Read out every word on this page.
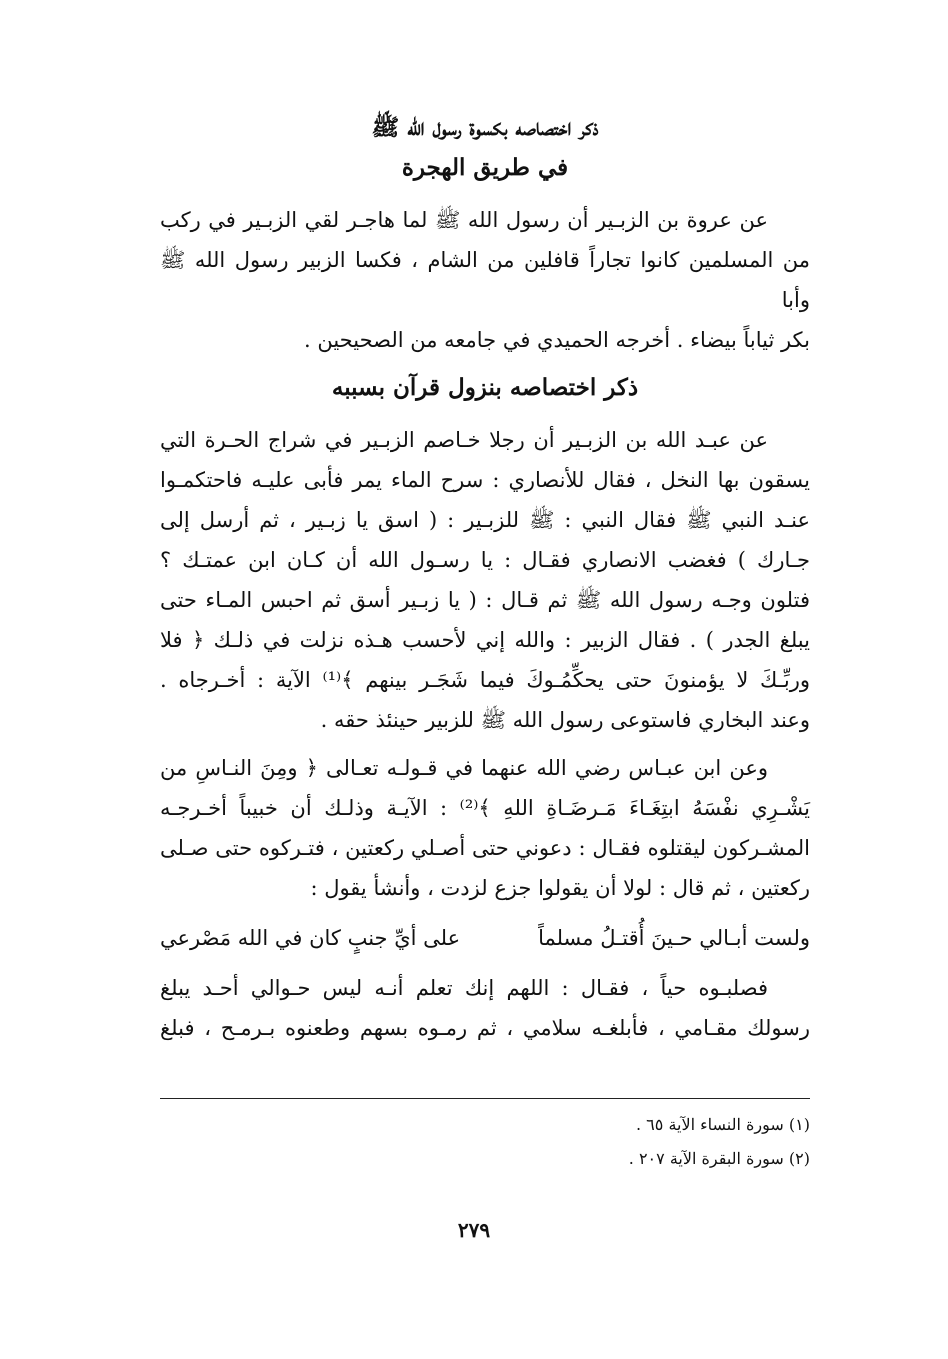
ذكر اختصاصه بكسوة رسول الله ﷺ
في طريق الهجرة

عن عروة بن الزبـير أن رسول الله ﷺ لما هاجـر لقي الزبـير في ركب
من المسلمين كانوا تجاراً قافلين من الشام ، فكسا الزبير رسول الله ﷺ وأبا
بكر ثياباً بيضاء . أخرجه الحميدي في جامعه من الصحيحين .

ذكر اختصاصه بنزول قرآن بسببه

عن عبـد الله بن الزبـير أن رجلا خـاصم الزبـير في شراج الحـرة التي
يسقون بها النخل ، فقال للأنصاري : سرح الماء يمر فأبى عليـه فاحتكمـوا
عنـد النبي ﷺ فقال النبي : ﷺ للزبـير : ( اسق يا زبـير ، ثم أرسل إلى
جـارك ) فغضب الانصاري فقـال : يا رسـول الله أن كـان ابن عمتـك ؟
فتلون وجـه رسول الله ﷺ ثم قـال : ( يا زبـير أسق ثم احبس المـاء حتى
يبلغ الجدر ) . فقال الزبير : والله إني لأحسب هـذه نزلت في ذلـك ﴿ فلا
وربِّـكَ لا يؤمنونَ حتى يحكِّمُـوكَ فيما شَجَـر بينهم ﴾⁽¹⁾ الآية : أخـرجاه .
وعند البخاري فاستوعى رسول الله ﷺ للزبير حينئذ حقه .

وعن ابن عبـاس رضي الله عنهما في قـولـه تعـالى ﴿ ومِنَ النـاسِ من
يَشْـرِي نفْسَهُ ابتِغَـاءَ مَـرضَـاةِ اللهِ ﴾⁽²⁾ : الآيـة وذلـك أن خبيباً أخـرجـه
المشـركون ليقتلوه فقـال : دعوني حتى أصـلي ركعتين ، فتـركوه حتى صـلى
ركعتين ، ثم قال : لولا أن يقولوا جزع لزدت ، وأنشأ يقول :

ولست أبـالي حـينَ أُقتـلُ مسلماً
على أيِّ جنبٍ كان في الله مَصْرعي

فصلبـوه حياً ، فقـال : اللهم إنك تعلم أنـه ليس حـوالي أحـد يبلغ
رسولك مقـامي ، فأبلغـه سلامي ، ثم رمـوه بسهم وطعنوه بـرمـح ، فبلغ

(١) سورة النساء الآية ٦٥ .
(٢) سورة البقرة الآية ٢٠٧ .
٢٧٩
